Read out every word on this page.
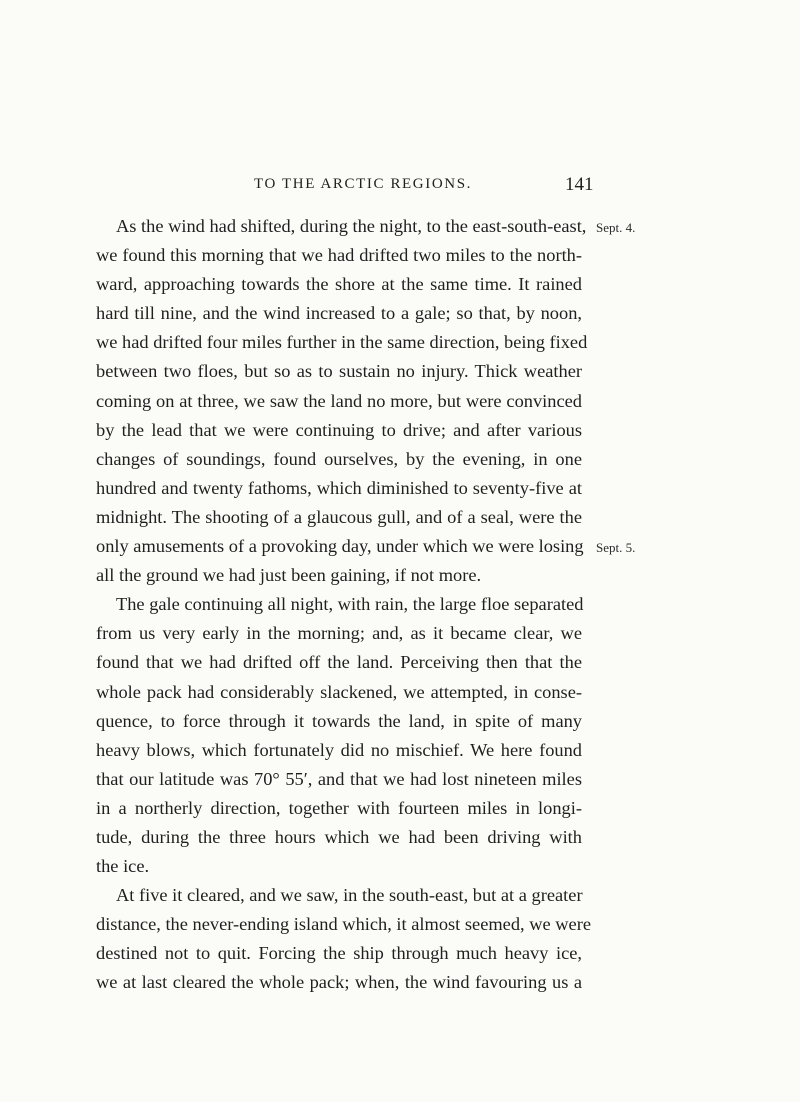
TO THE ARCTIC REGIONS.	141
Sept. 4.
Sept. 5.
As the wind had shifted, during the night, to the east-south-east,
we found this morning that we had drifted two miles to the north-
ward, approaching towards the shore at the same time. It rained
hard till nine, and the wind increased to a gale; so that, by noon,
we had drifted four miles further in the same direction, being fixed
between two floes, but so as to sustain no injury. Thick weather
coming on at three, we saw the land no more, but were convinced
by the lead that we were continuing to drive; and after various
changes of soundings, found ourselves, by the evening, in one
hundred and twenty fathoms, which diminished to seventy-five at
midnight. The shooting of a glaucous gull, and of a seal, were the
only amusements of a provoking day, under which we were losing
all the ground we had just been gaining, if not more.
The gale continuing all night, with rain, the large floe separated
from us very early in the morning; and, as it became clear, we
found that we had drifted off the land. Perceiving then that the
whole pack had considerably slackened, we attempted, in conse-
quence, to force through it towards the land, in spite of many
heavy blows, which fortunately did no mischief. We here found
that our latitude was 70° 55′, and that we had lost nineteen miles
in a northerly direction, together with fourteen miles in longi-
tude, during the three hours which we had been driving with
the ice.
At five it cleared, and we saw, in the south-east, but at a greater
distance, the never-ending island which, it almost seemed, we were
destined not to quit. Forcing the ship through much heavy ice,
we at last cleared the whole pack; when, the wind favouring us a
